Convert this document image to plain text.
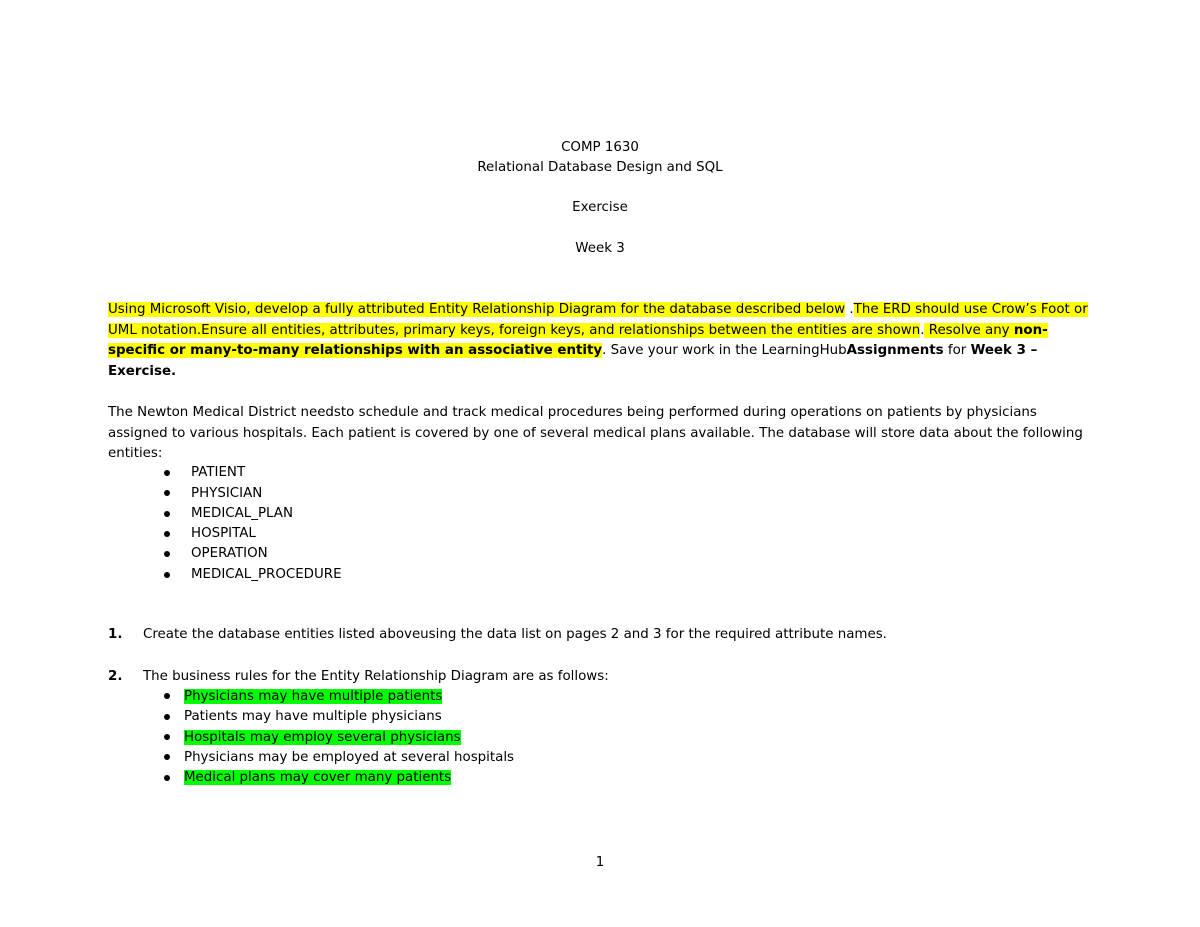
COMP 1630
Relational Database Design and SQL
Exercise
Week 3
Using Microsoft Visio, develop a fully attributed Entity Relationship Diagram for the database described below .The ERD should use Crow’s Foot or UML notation.Ensure all entities, attributes, primary keys, foreign keys, and relationships between the entities are shown. Resolve any non-specific or many-to-many relationships with an associative entity. Save your work in the LearningHubAssignments for Week 3 – Exercise.
The Newton Medical District needsto schedule and track medical procedures being performed during operations on patients by physicians assigned to various hospitals. Each patient is covered by one of several medical plans available. The database will store data about the following entities:
PATIENT
PHYSICIAN
MEDICAL_PLAN
HOSPITAL
OPERATION
MEDICAL_PROCEDURE
1. Create the database entities listed aboveusing the data list on pages 2 and 3 for the required attribute names.
2. The business rules for the Entity Relationship Diagram are as follows:
Physicians may have multiple patients
Patients may have multiple physicians
Hospitals may employ several physicians
Physicians may be employed at several hospitals
Medical plans may cover many patients
1
